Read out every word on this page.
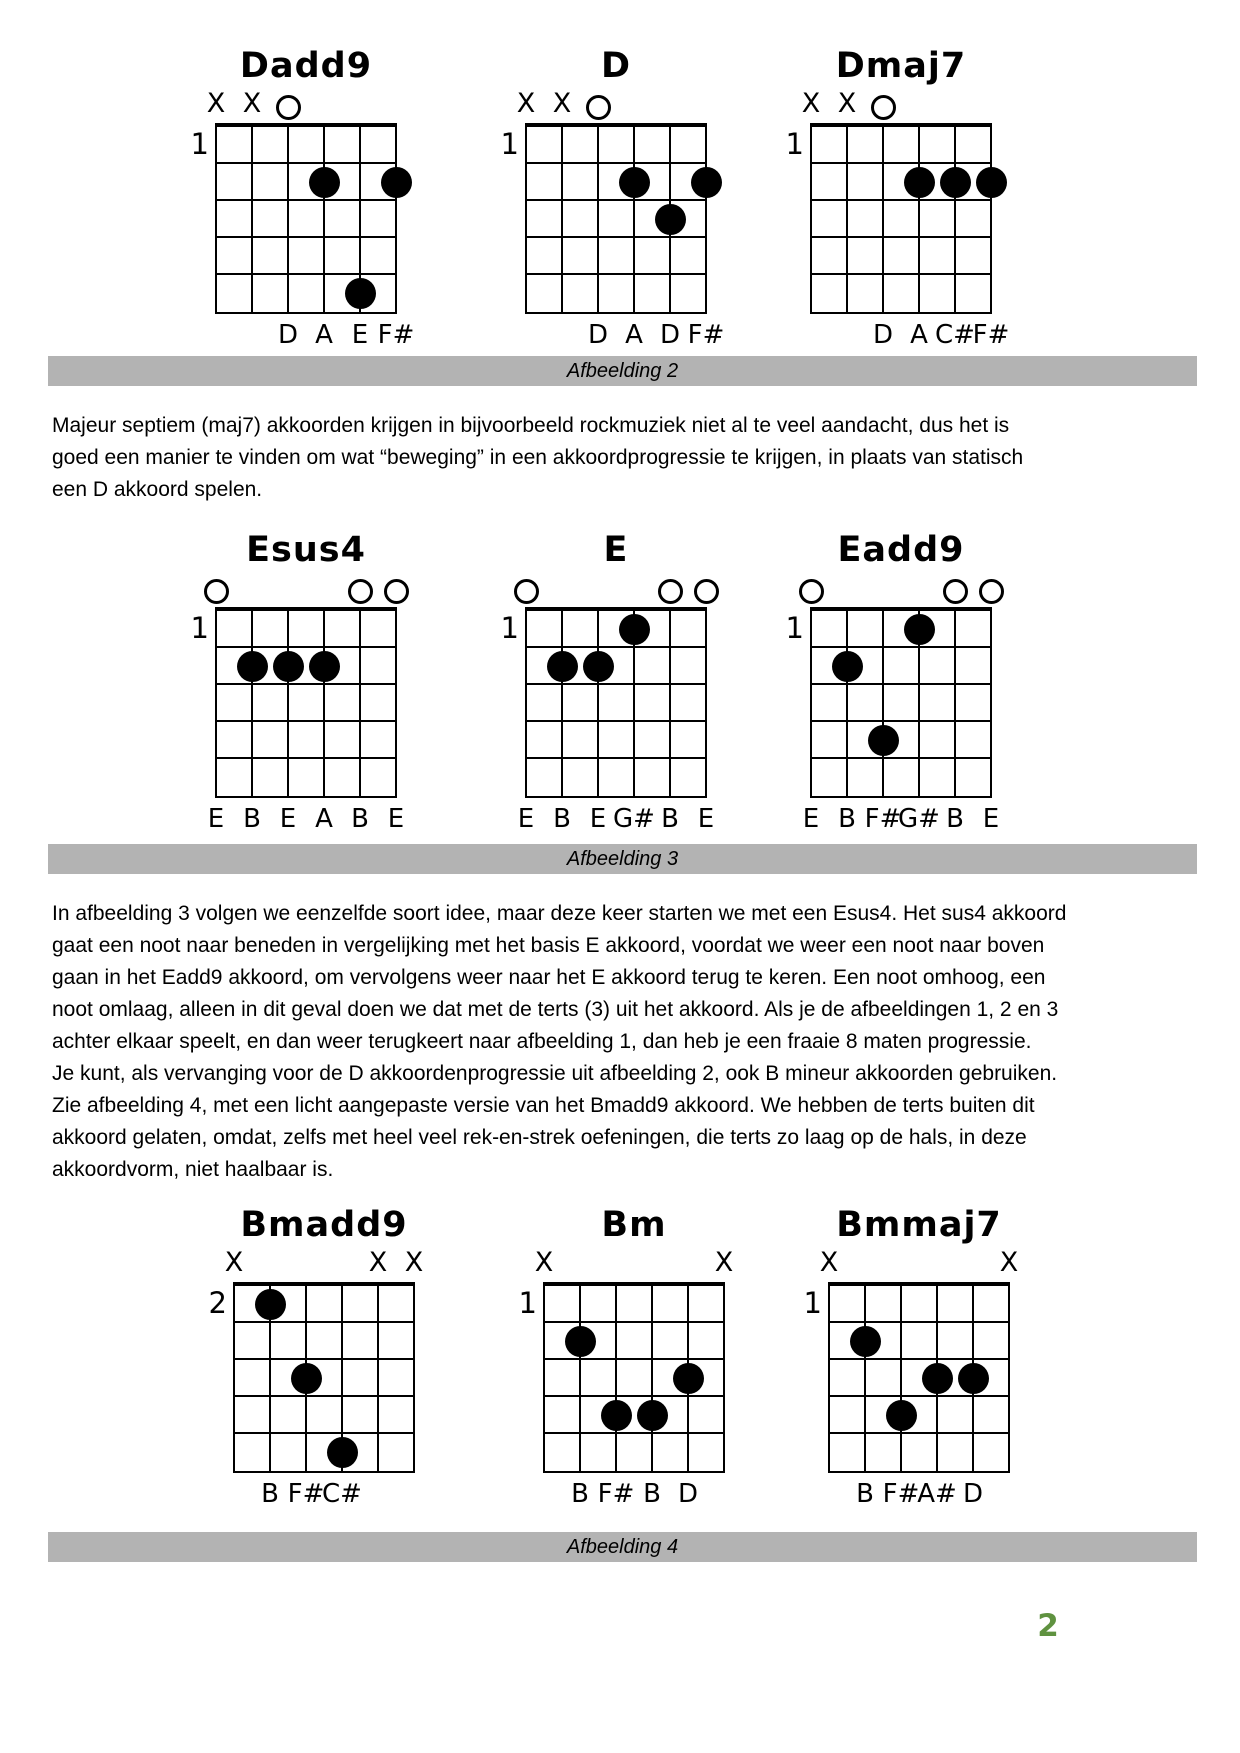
Dadd9
X X
1
D A E F#
D
X X
1
D A D F#
Dmaj7
X X
1
D A C#
F#
Afbeelding 2
Majeur septiem (maj7) akkoorden krijgen in bijvoorbeeld rockmuziek niet al te veel aandacht, dus het is
goed een manier te vinden om wat “beweging” in een akkoordprogressie te krijgen, in plaats van statisch
een D akkoord spelen.
Esus4
1
E B E A B E
E
1
E B E G# B E
Eadd9
1
E B F#
G# B E
Afbeelding 3
In afbeelding 3 volgen we eenzelfde soort idee, maar deze keer starten we met een Esus4. Het sus4 akkoord
gaat een noot naar beneden in vergelijking met het basis E akkoord, voordat we weer een noot naar boven
gaan in het Eadd9 akkoord, om vervolgens weer naar het E akkoord terug te keren. Een noot omhoog, een
noot omlaag, alleen in dit geval doen we dat met de terts (3) uit het akkoord. Als je de afbeeldingen 1, 2 en 3
achter elkaar speelt, en dan weer terugkeert naar afbeelding 1, dan heb je een fraaie 8 maten progressie.
Je kunt, als vervanging voor de D akkoordenprogressie uit afbeelding 2, ook B mineur akkoorden gebruiken.
Zie afbeelding 4, met een licht aangepaste versie van het Bmadd9 akkoord. We hebben de terts buiten dit
akkoord gelaten, omdat, zelfs met heel veel rek-en-strek oefeningen, die terts zo laag op de hals, in deze
akkoordvorm, niet haalbaar is.
Bmadd9
X	X X
2
B F#
C#
Bm
X	X
1
B F# B D
Bmmaj7
X	X
1
B F#
A# D
Afbeelding 4
2
